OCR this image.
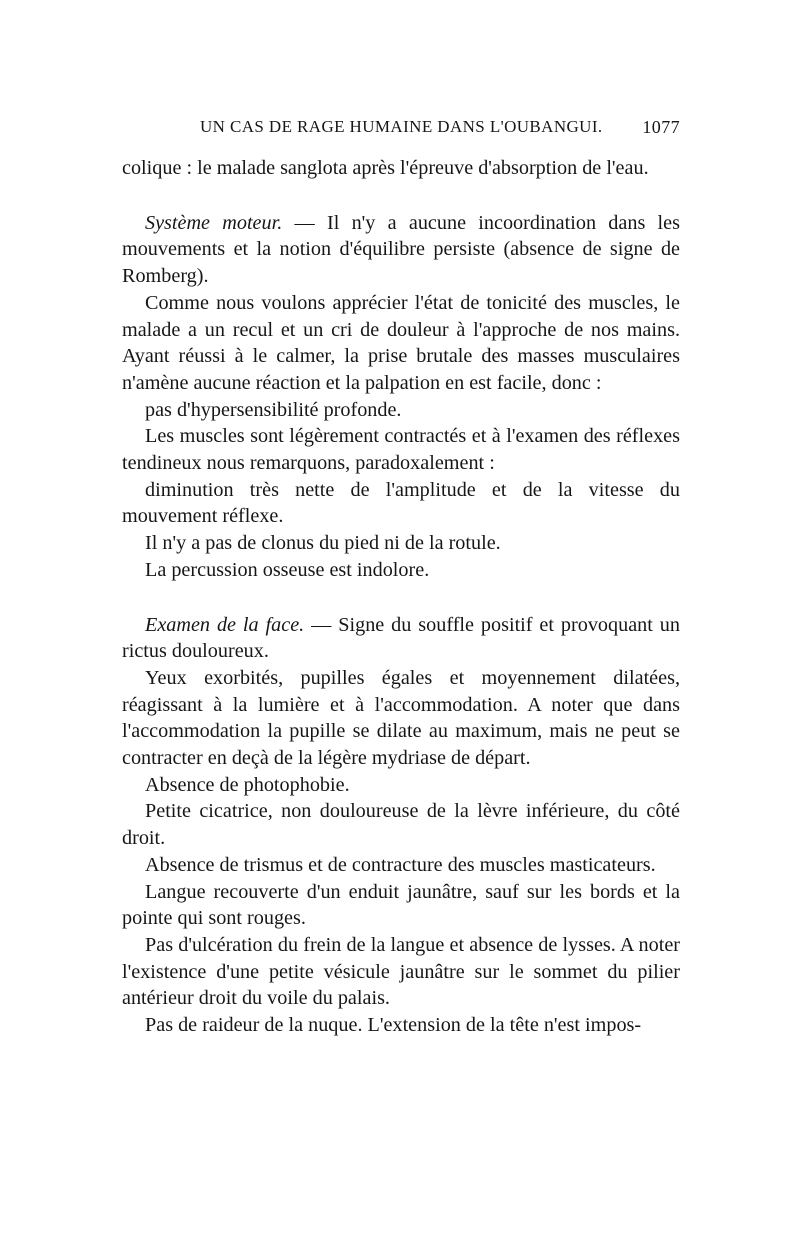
UN CAS DE RAGE HUMAINE DANS L'OUBANGUI. 1077

colique : le malade sanglota après l'épreuve d'absorption de l'eau.

Système moteur. — Il n'y a aucune incoordination dans les mouvements et la notion d'équilibre persiste (absence de signe de Romberg).

Comme nous voulons apprécier l'état de tonicité des muscles, le malade a un recul et un cri de douleur à l'approche de nos mains. Ayant réussi à le calmer, la prise brutale des masses musculaires n'amène aucune réaction et la palpation en est facile, donc :

pas d'hypersensibilité profonde.

Les muscles sont légèrement contractés et à l'examen des réflexes tendineux nous remarquons, paradoxalement :

diminution très nette de l'amplitude et de la vitesse du mouvement réflexe.

Il n'y a pas de clonus du pied ni de la rotule.

La percussion osseuse est indolore.

Examen de la face. — Signe du souffle positif et provoquant un rictus douloureux.

Yeux exorbités, pupilles égales et moyennement dilatées, réagissant à la lumière et à l'accommodation. A noter que dans l'accommodation la pupille se dilate au maximum, mais ne peut se contracter en deçà de la légère mydriase de départ.

Absence de photophobie.

Petite cicatrice, non douloureuse de la lèvre inférieure, du côté droit.

Absence de trismus et de contracture des muscles masticateurs.

Langue recouverte d'un enduit jaunâtre, sauf sur les bords et la pointe qui sont rouges.

Pas d'ulcération du frein de la langue et absence de lysses. A noter l'existence d'une petite vésicule jaunâtre sur le sommet du pilier antérieur droit du voile du palais.

Pas de raideur de la nuque. L'extension de la tête n'est impos-
